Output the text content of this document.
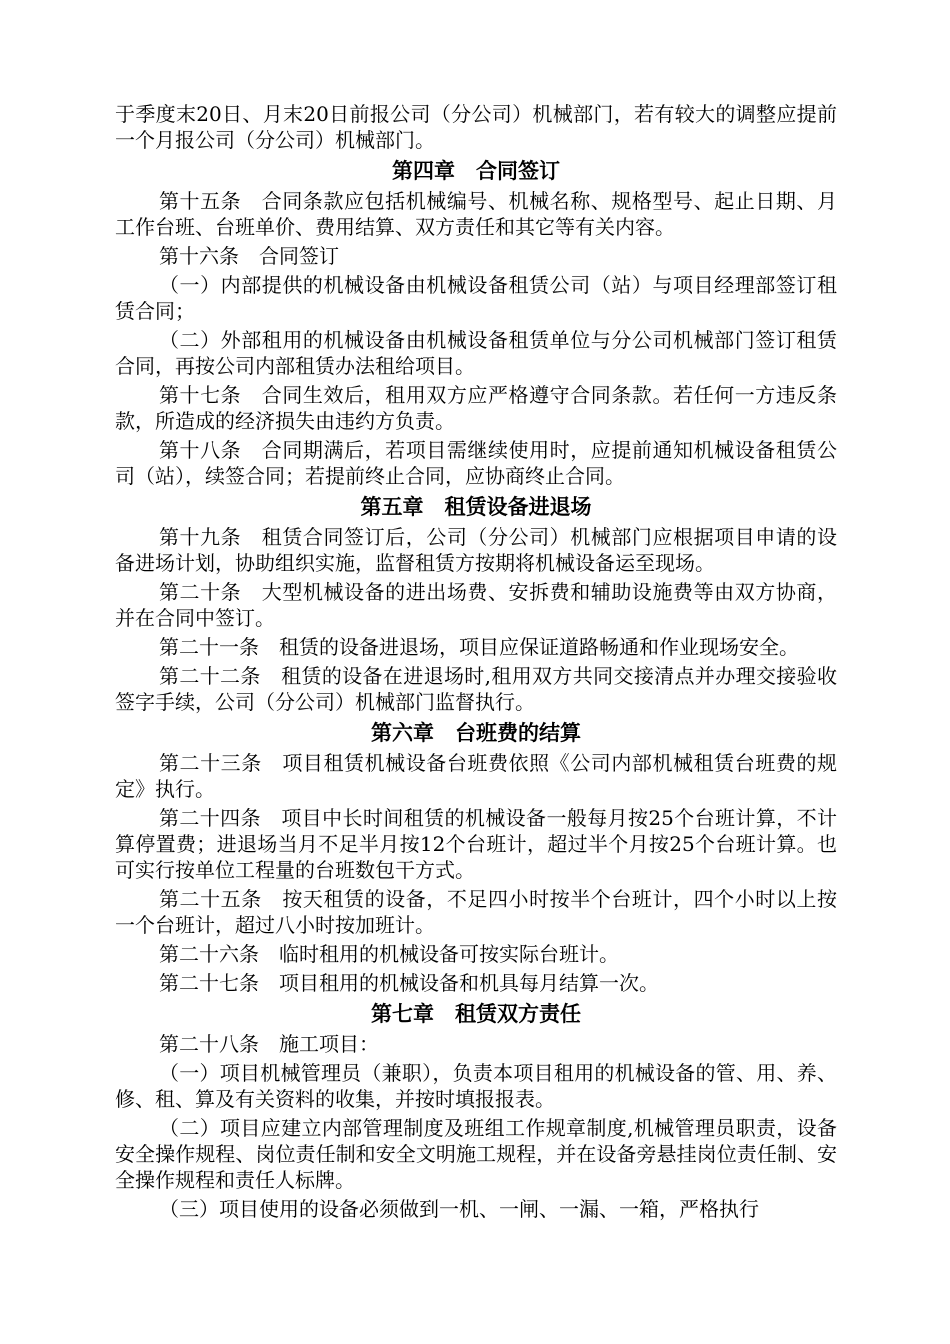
于季度末20日、月末20日前报公司（分公司）机械部门，若有较大的调整应提前一个月报公司（分公司）机械部门。

第四章　合同签订

第十五条　合同条款应包括机械编号、机械名称、规格型号、起止日期、月工作台班、台班单价、费用结算、双方责任和其它等有关内容。

第十六条　合同签订

（一）内部提供的机械设备由机械设备租赁公司（站）与项目经理部签订租赁合同；

（二）外部租用的机械设备由机械设备租赁单位与分公司机械部门签订租赁合同，再按公司内部租赁办法租给项目。

第十七条　合同生效后，租用双方应严格遵守合同条款。若任何一方违反条款，所造成的经济损失由违约方负责。

第十八条　合同期满后，若项目需继续使用时，应提前通知机械设备租赁公司（站），续签合同；若提前终止合同，应协商终止合同。

第五章　租赁设备进退场

第十九条　租赁合同签订后，公司（分公司）机械部门应根据项目申请的设备进场计划，协助组织实施，监督租赁方按期将机械设备运至现场。

第二十条　大型机械设备的进出场费、安拆费和辅助设施费等由双方协商，并在合同中签订。

第二十一条　租赁的设备进退场，项目应保证道路畅通和作业现场安全。

第二十二条　租赁的设备在进退场时,租用双方共同交接清点并办理交接验收签字手续，公司（分公司）机械部门监督执行。

第六章　台班费的结算

第二十三条　项目租赁机械设备台班费依照《公司内部机械租赁台班费的规定》执行。

第二十四条　项目中长时间租赁的机械设备一般每月按25个台班计算，不计算停置费；进退场当月不足半月按12个台班计，超过半个月按25个台班计算。也可实行按单位工程量的台班数包干方式。

第二十五条　按天租赁的设备，不足四小时按半个台班计，四个小时以上按一个台班计，超过八小时按加班计。

第二十六条　临时租用的机械设备可按实际台班计。

第二十七条　项目租用的机械设备和机具每月结算一次。

第七章　租赁双方责任

第二十八条　施工项目：

（一）项目机械管理员（兼职），负责本项目租用的机械设备的管、用、养、修、租、算及有关资料的收集，并按时填报报表。

（二）项目应建立内部管理制度及班组工作规章制度,机械管理员职责，设备安全操作规程、岗位责任制和安全文明施工规程，并在设备旁悬挂岗位责任制、安全操作规程和责任人标牌。

（三）项目使用的设备必须做到一机、一闸、一漏、一箱，严格执行
